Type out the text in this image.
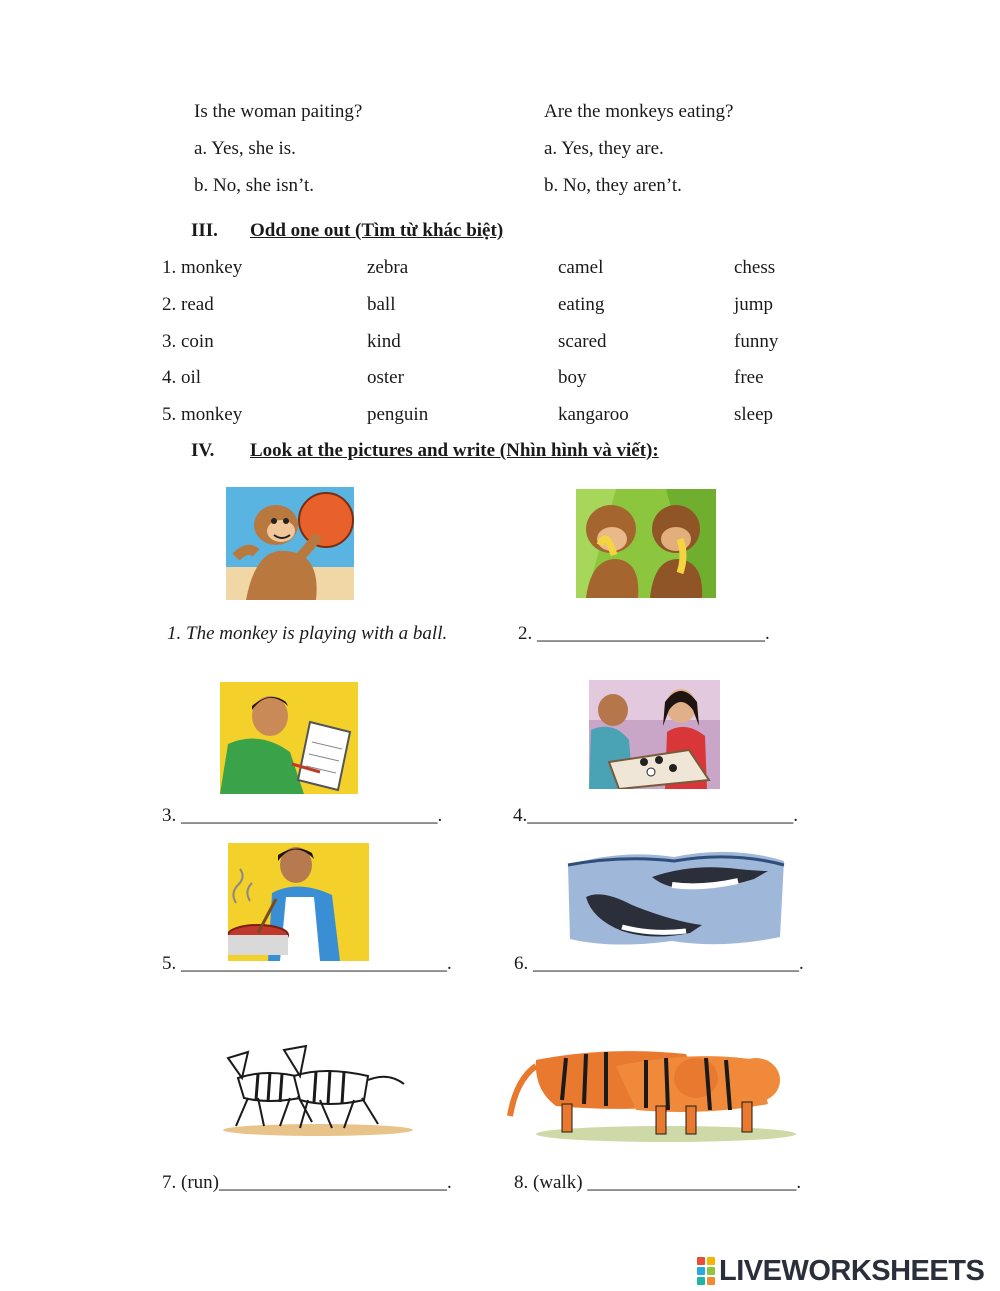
Is the woman paiting?
a. Yes, she is.
b. No, she isn’t.
Are the monkeys eating?
a. Yes, they are.
b. No, they aren’t.
III. Odd one out (Tìm từ khác biệt)
1. monkey	zebra	camel	chess
2. read	ball	eating	jump
3. coin	kind	scared	funny
4. oil	oster	boy	free
5. monkey	penguin	kangaroo	sleep
IV. Look at the pictures and write (Nhìn hình và viết):
1. The monkey is playing with a ball.	2. ________________________.
3. ___________________________.	4.____________________________.
5. ____________________________.	6. ____________________________.
7. (run)________________________.	8. (walk) ______________________.
LIVEWORKSHEETS
